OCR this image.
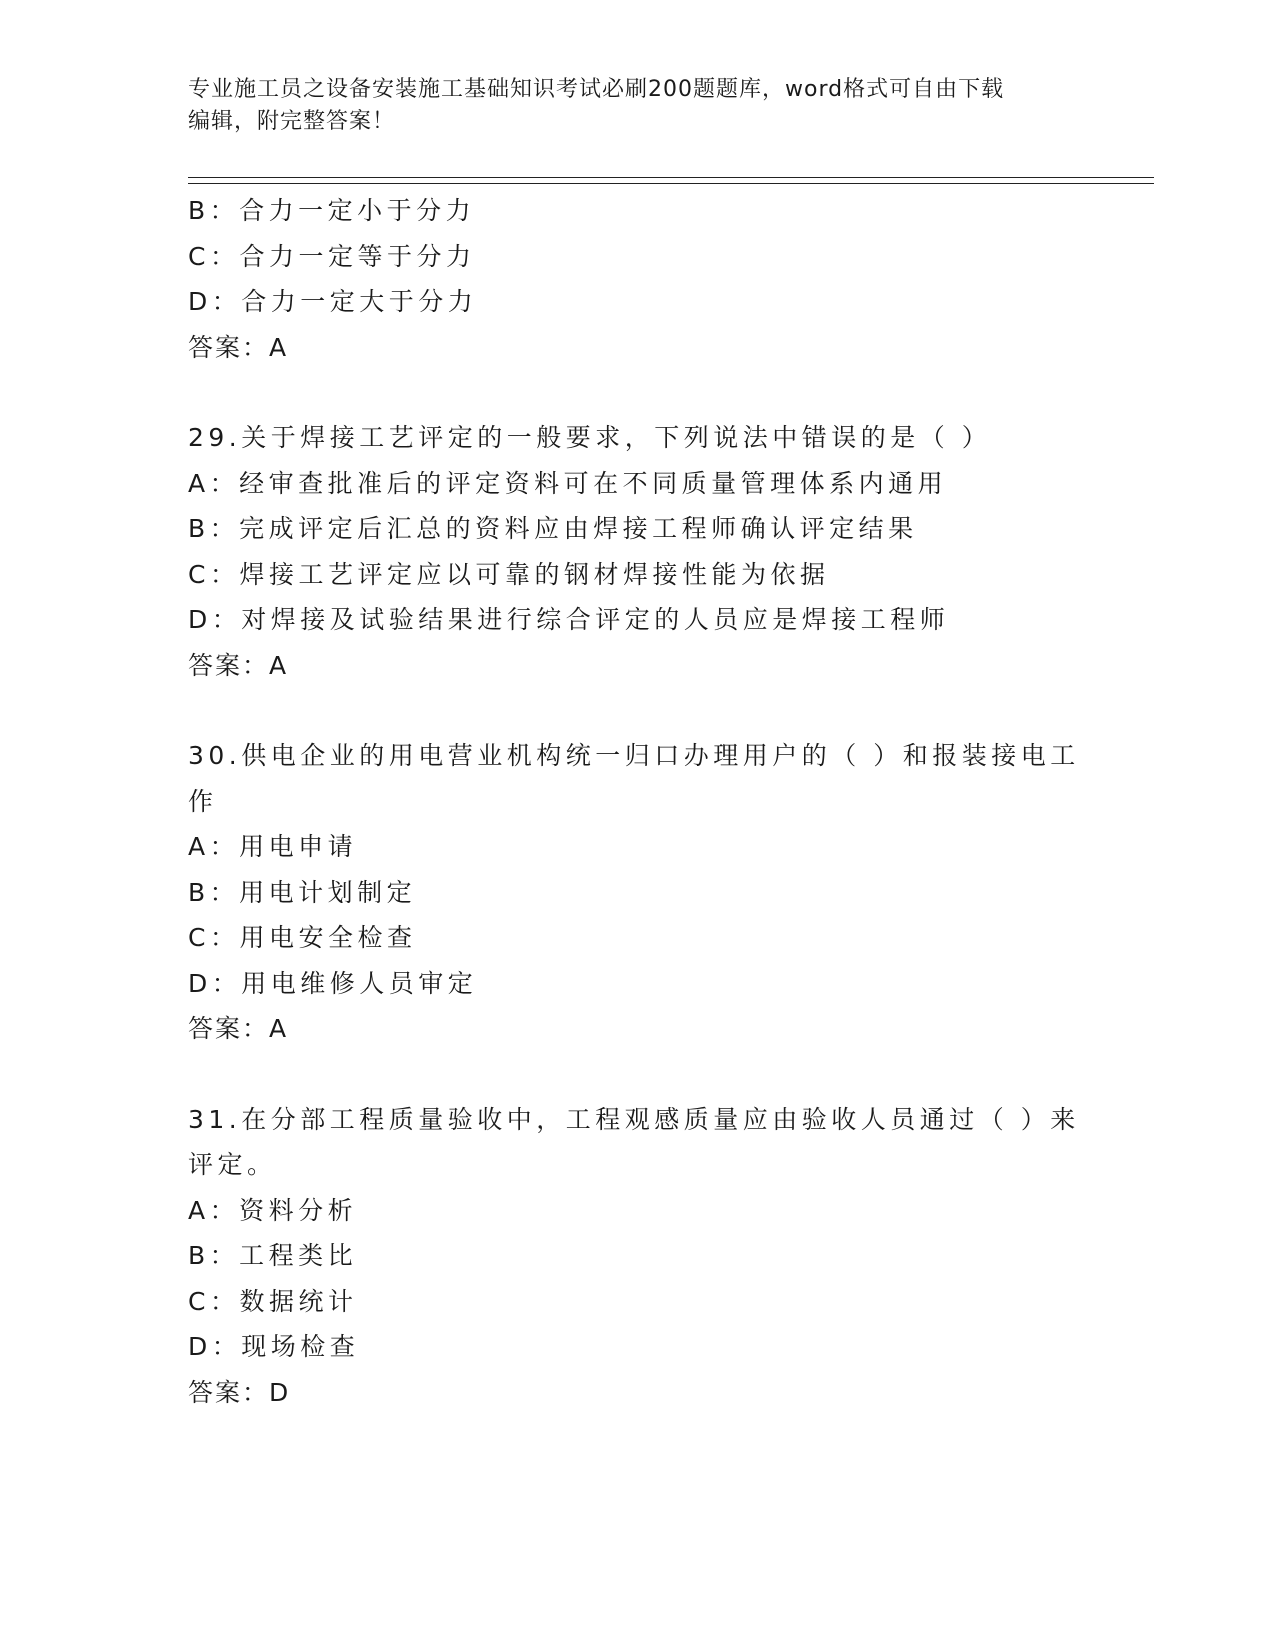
专业施工员之设备安装施工基础知识考试必刷200题题库，word格式可自由下载
编辑，附完整答案！
B：合力一定小于分力
C：合力一定等于分力
D：合力一定大于分力
答案：A
29.关于焊接工艺评定的一般要求，下列说法中错误的是（ ）
A：经审查批准后的评定资料可在不同质量管理体系内通用
B：完成评定后汇总的资料应由焊接工程师确认评定结果
C：焊接工艺评定应以可靠的钢材焊接性能为依据
D：对焊接及试验结果进行综合评定的人员应是焊接工程师
答案：A
30.供电企业的用电营业机构统一归口办理用户的（ ）和报装接电工
作
A：用电申请
B：用电计划制定
C：用电安全检查
D：用电维修人员审定
答案：A
31.在分部工程质量验收中，工程观感质量应由验收人员通过（ ）来
评定。
A：资料分析
B：工程类比
C：数据统计
D：现场检查
答案：D
